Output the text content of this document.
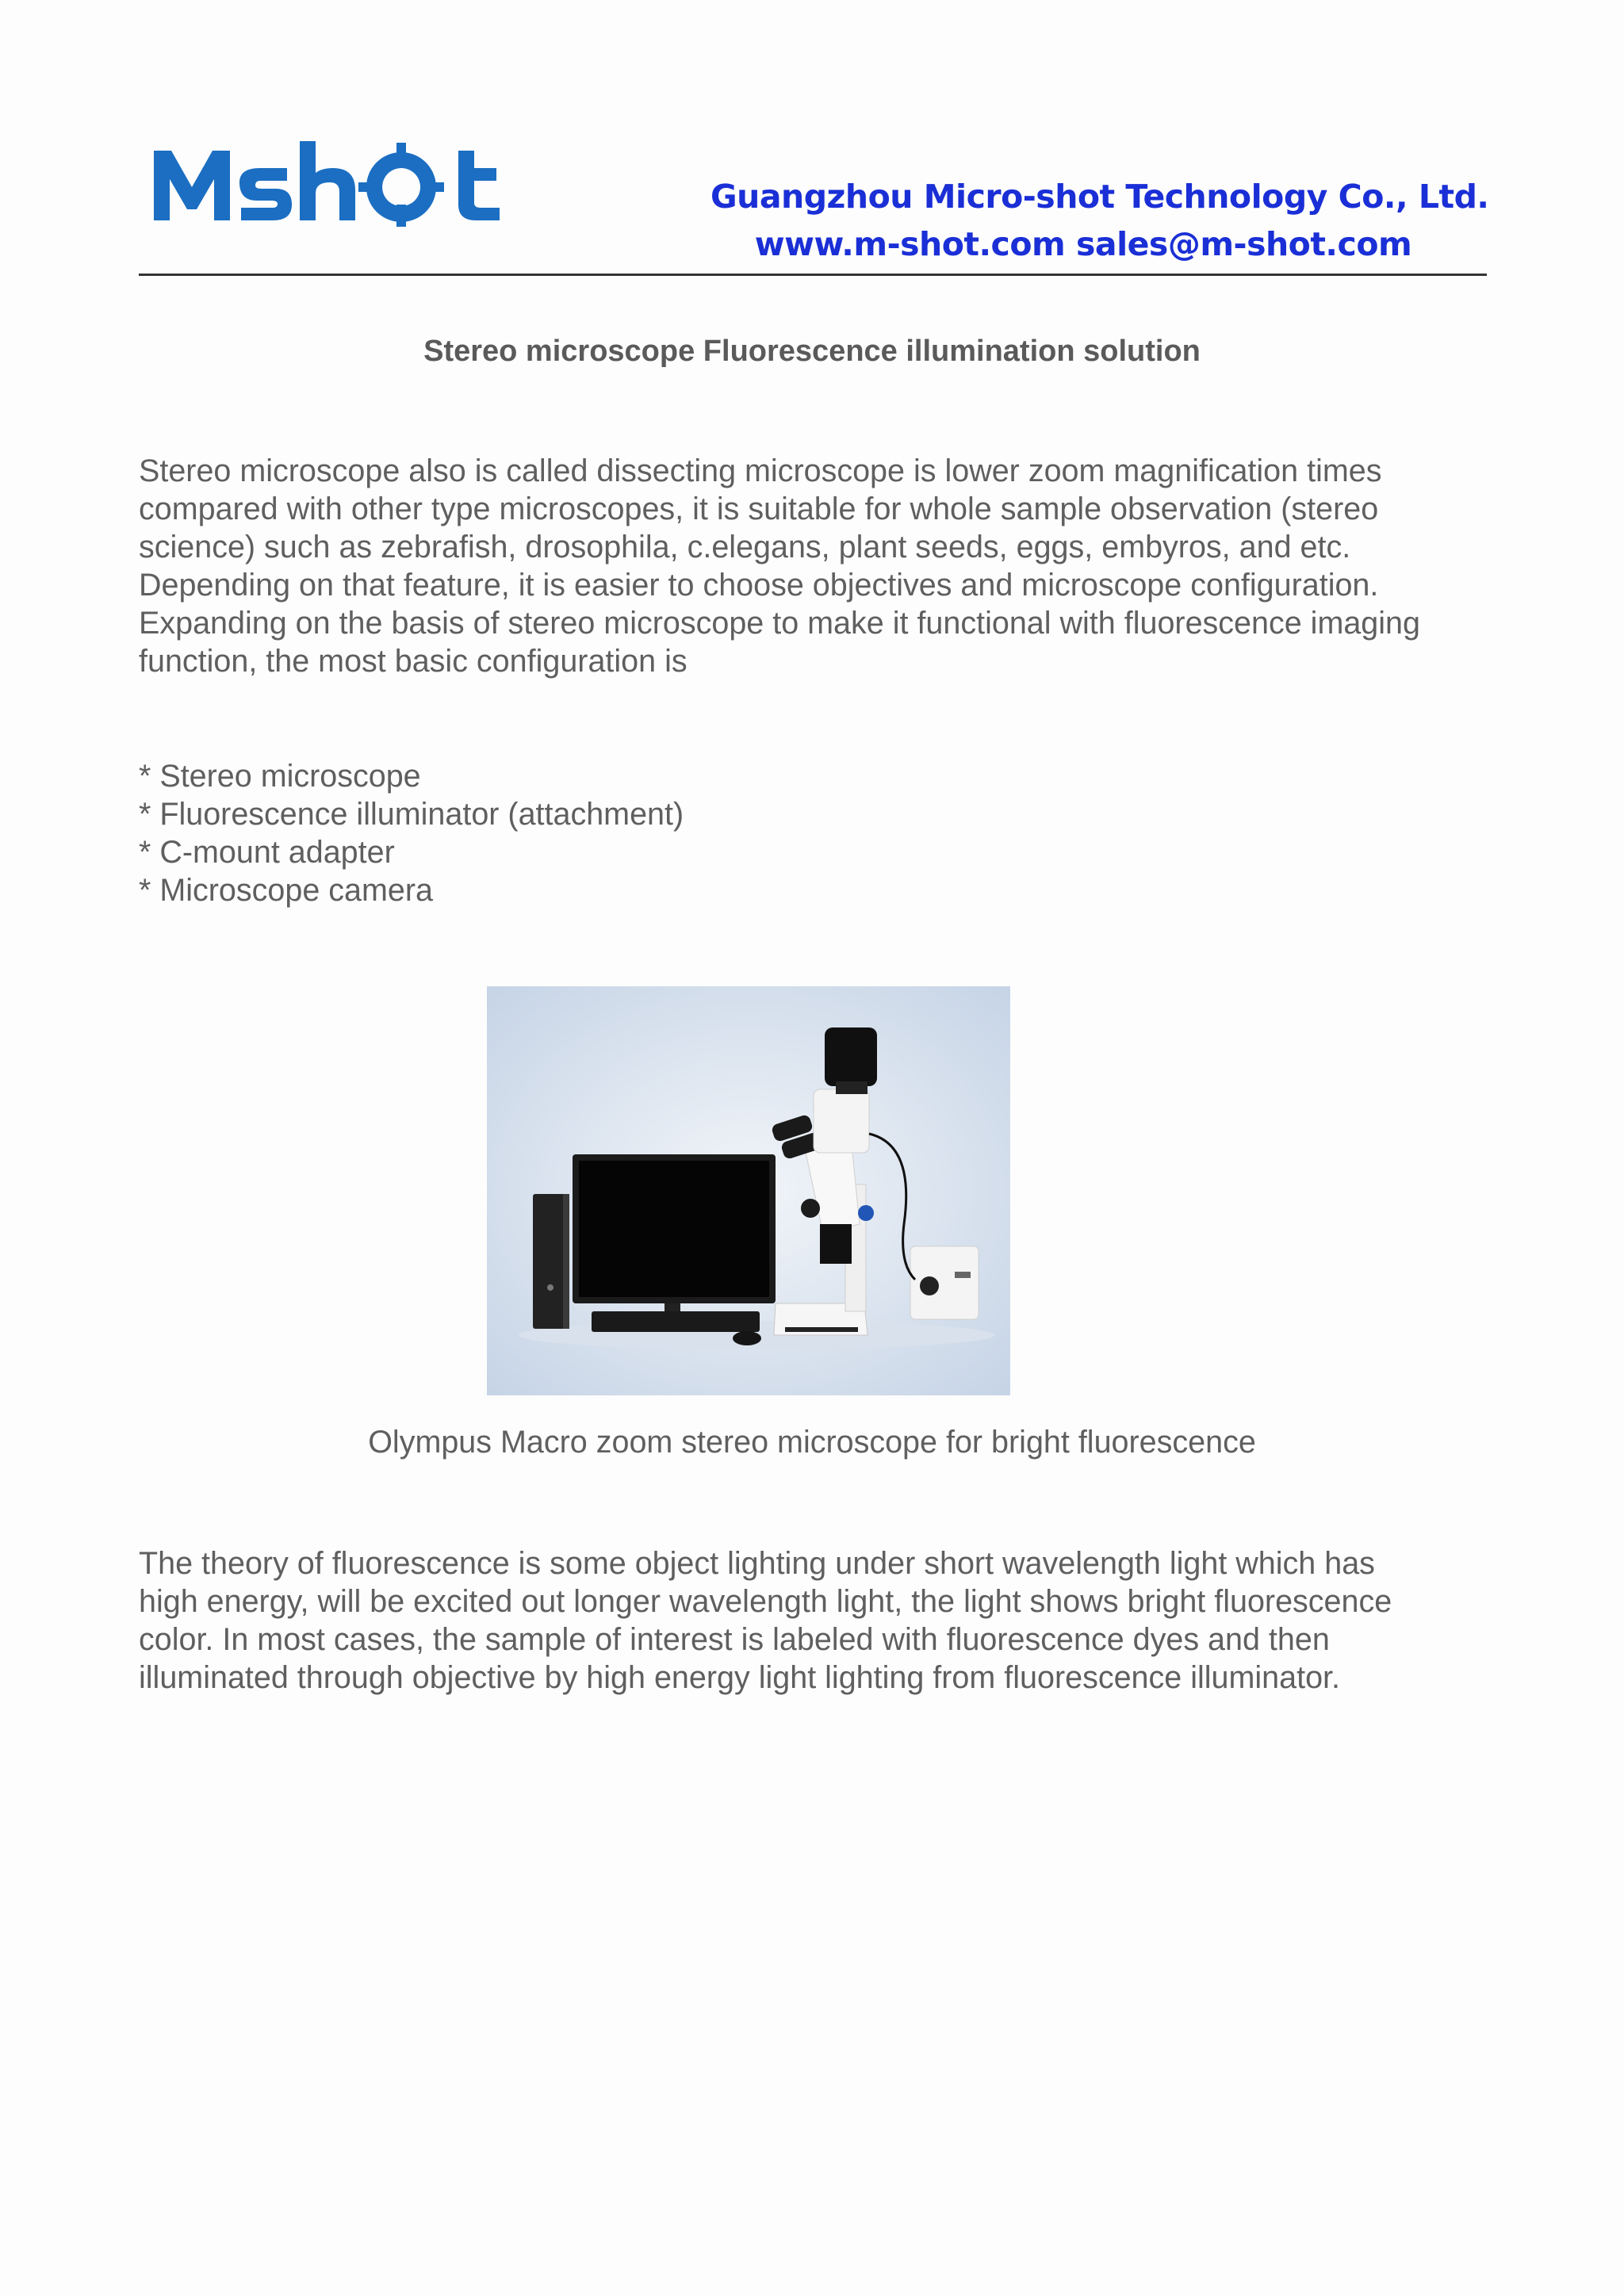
Guangzhou Micro-shot Technology Co., Ltd.
www.m-shot.com sales@m-shot.com
Stereo microscope Fluorescence illumination solution
Stereo microscope also is called dissecting microscope is lower zoom magnification times
compared with other type microscopes, it is suitable for whole sample observation (stereo
science) such as zebrafish, drosophila, c.elegans, plant seeds, eggs, embyros, and etc.
Depending on that feature, it is easier to choose objectives and microscope configuration.
Expanding on the basis of stereo microscope to make it functional with fluorescence imaging
function, the most basic configuration is
* Stereo microscope
* Fluorescence illuminator (attachment)
* C-mount adapter
* Microscope camera
Olympus Macro zoom stereo microscope for bright fluorescence
The theory of fluorescence is some object lighting under short wavelength light which has
high energy, will be excited out longer wavelength light, the light shows bright fluorescence
color. In most cases, the sample of interest is labeled with fluorescence dyes and then
illuminated through objective by high energy light lighting from fluorescence illuminator.
